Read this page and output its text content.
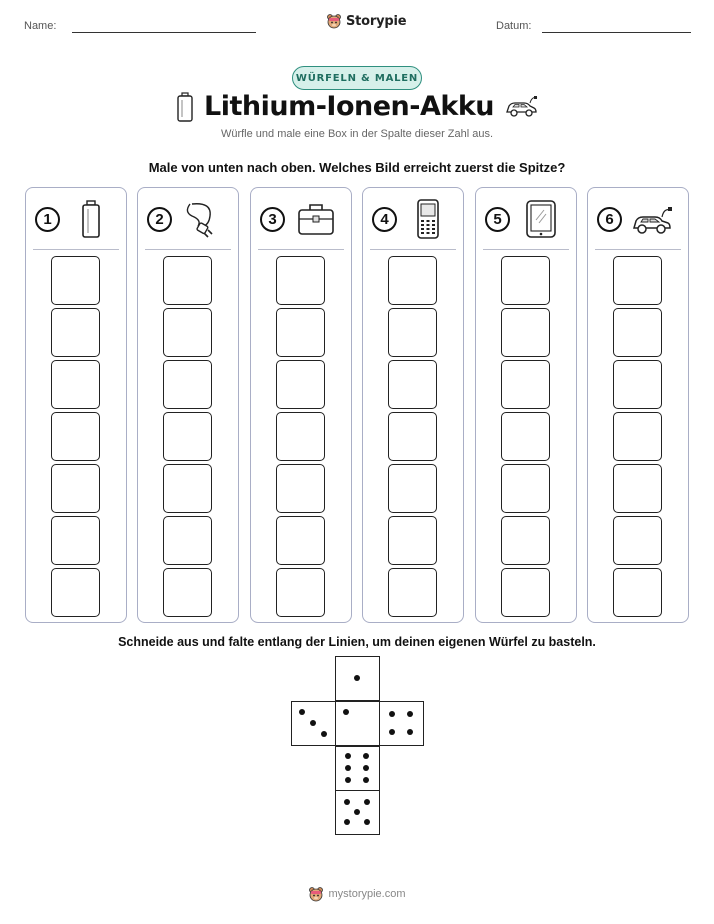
Name:	Storypie	Datum:
WÜRFELN & MALEN
Lithium-Ionen-Akku
Würfle und male eine Box in der Spalte dieser Zahl aus.
Male von unten nach oben. Welches Bild erreicht zuerst die Spitze?
1	2	3	4	5	6
Schneide aus und falte entlang der Linien, um deinen eigenen Würfel zu basteln.
mystorypie.com
